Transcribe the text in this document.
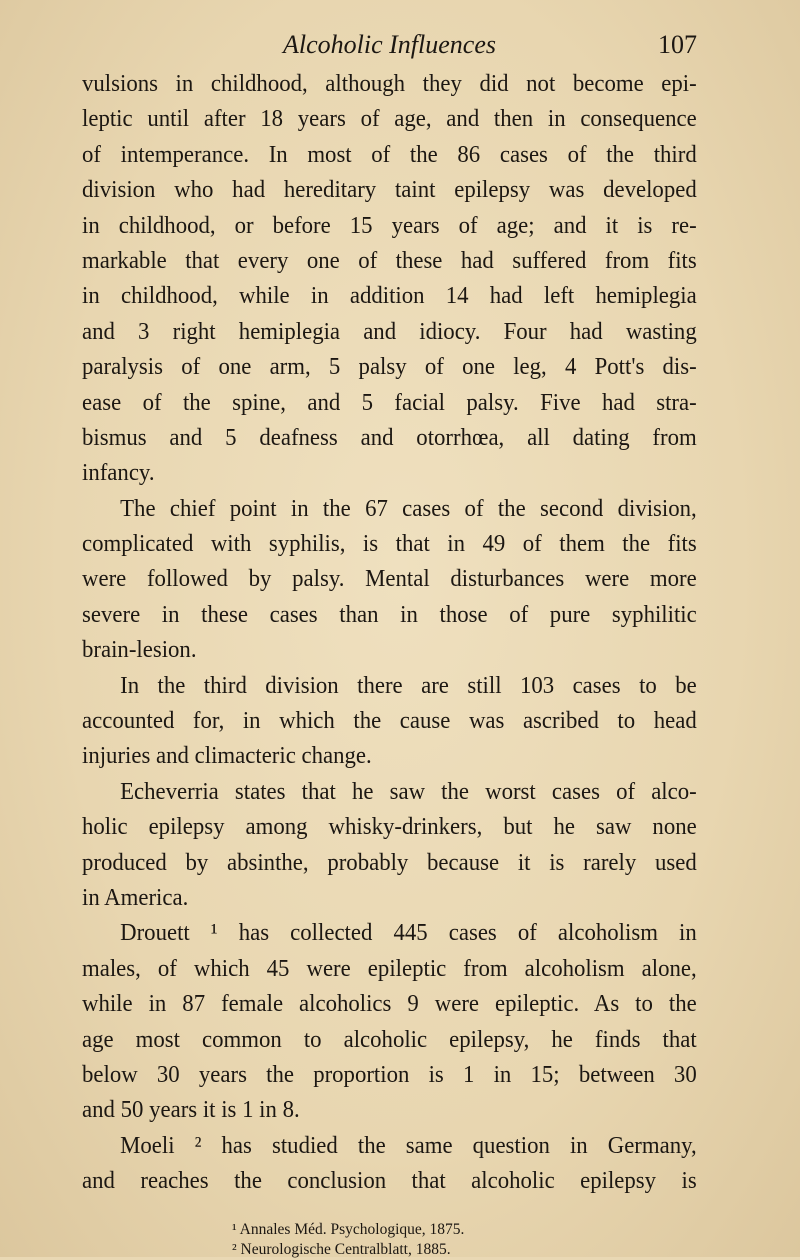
Alcoholic Influences	107
vulsions in childhood, although they did not become epi-
leptic until after 18 years of age, and then in consequence
of intemperance. In most of the 86 cases of the third
division who had hereditary taint epilepsy was developed
in childhood, or before 15 years of age; and it is re-
markable that every one of these had suffered from fits
in childhood, while in addition 14 had left hemiplegia
and 3 right hemiplegia and idiocy. Four had wasting
paralysis of one arm, 5 palsy of one leg, 4 Pott's dis-
ease of the spine, and 5 facial palsy. Five had stra-
bismus and 5 deafness and otorrhœa, all dating from
infancy.
The chief point in the 67 cases of the second division,
complicated with syphilis, is that in 49 of them the fits
were followed by palsy. Mental disturbances were more
severe in these cases than in those of pure syphilitic
brain-lesion.
In the third division there are still 103 cases to be
accounted for, in which the cause was ascribed to head
injuries and climacteric change.
Echeverria states that he saw the worst cases of alco-
holic epilepsy among whisky-drinkers, but he saw none
produced by absinthe, probably because it is rarely used
in America.
Drouett ¹ has collected 445 cases of alcoholism in
males, of which 45 were epileptic from alcoholism alone,
while in 87 female alcoholics 9 were epileptic. As to the
age most common to alcoholic epilepsy, he finds that
below 30 years the proportion is 1 in 15; between 30
and 50 years it is 1 in 8.
Moeli ² has studied the same question in Germany,
and reaches the conclusion that alcoholic epilepsy is
¹ Annales Méd. Psychologique, 1875.
² Neurologische Centralblatt, 1885.
